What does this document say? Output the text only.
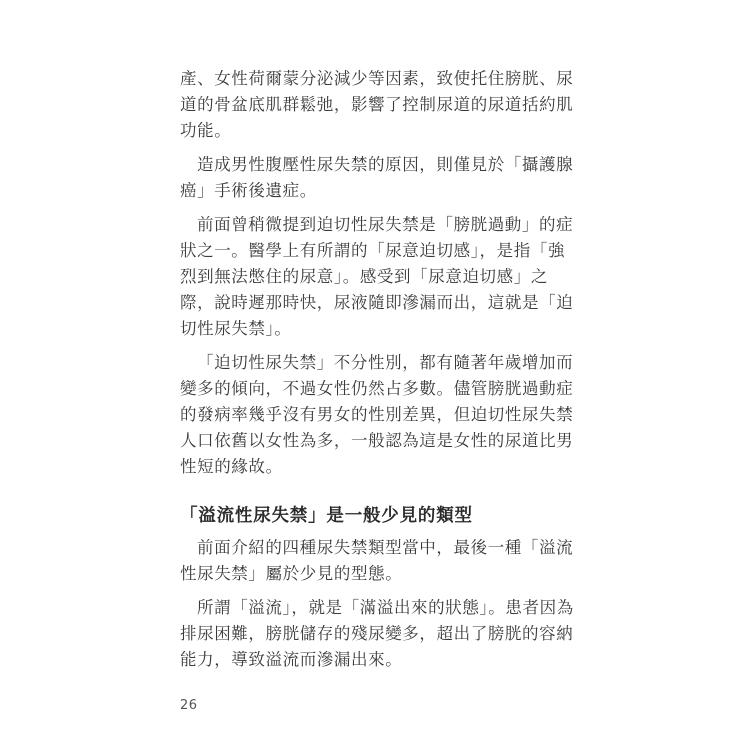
產、女性荷爾蒙分泌減少等因素，致使托住膀胱、尿
道的骨盆底肌群鬆弛，影響了控制尿道的尿道括約肌
功能。

造成男性腹壓性尿失禁的原因，則僅見於「攝護腺
癌」手術後遺症。

前面曾稍微提到迫切性尿失禁是「膀胱過動」的症
狀之一。醫學上有所謂的「尿意迫切感」，是指「強
烈到無法憋住的尿意」。感受到「尿意迫切感」之
際，說時遲那時快，尿液隨即滲漏而出，這就是「迫
切性尿失禁」。

「迫切性尿失禁」不分性別，都有隨著年歲增加而
變多的傾向，不過女性仍然占多數。儘管膀胱過動症
的發病率幾乎沒有男女的性別差異，但迫切性尿失禁
人口依舊以女性為多，一般認為這是女性的尿道比男
性短的緣故。

「溢流性尿失禁」是一般少見的類型

前面介紹的四種尿失禁類型當中，最後一種「溢流
性尿失禁」屬於少見的型態。

所謂「溢流」，就是「滿溢出來的狀態」。患者因為
排尿困難，膀胱儲存的殘尿變多，超出了膀胱的容納
能力，導致溢流而滲漏出來。

26
